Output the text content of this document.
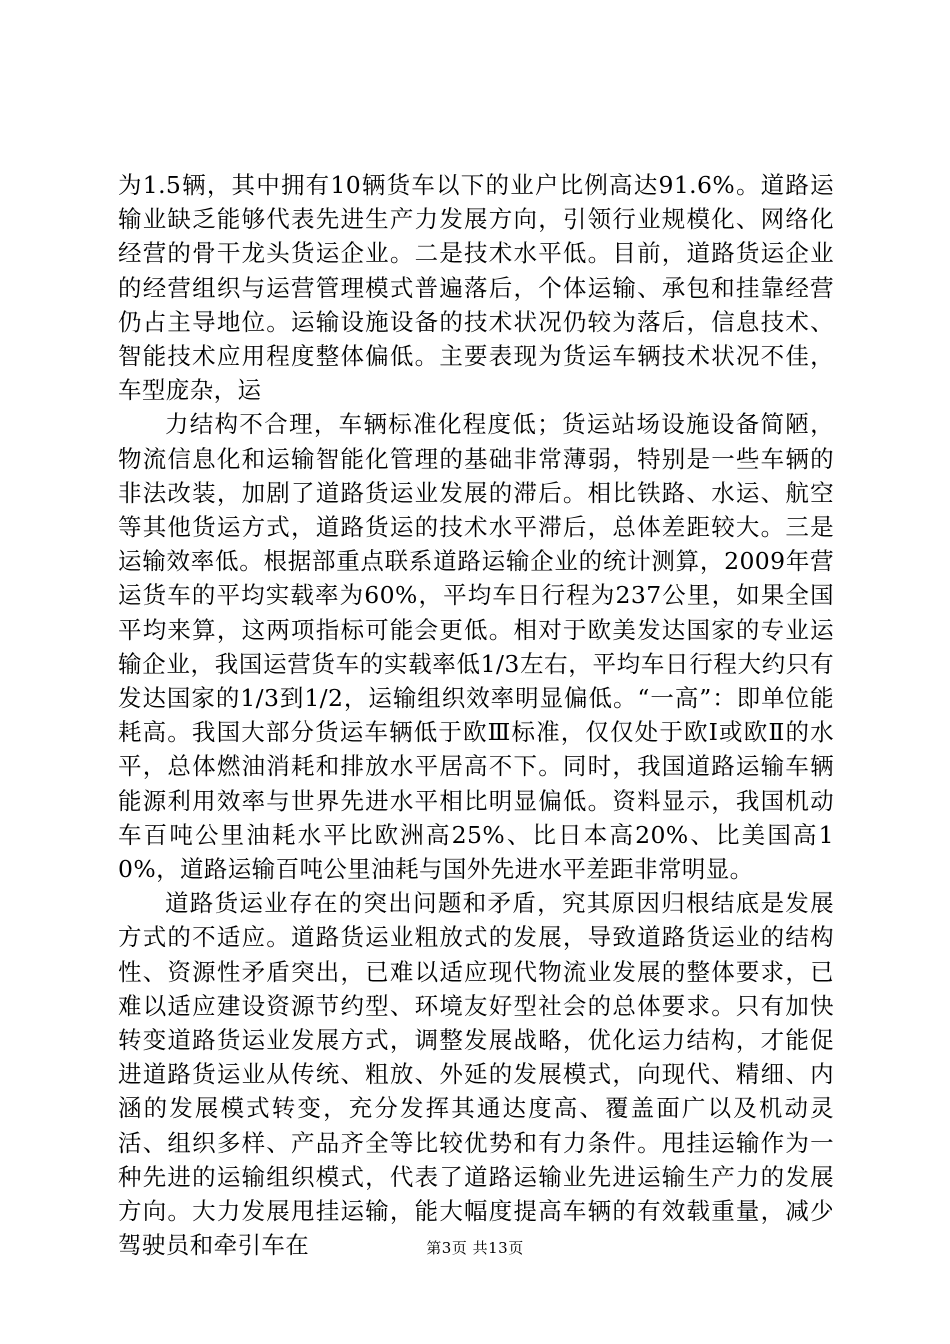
为1.5辆，其中拥有10辆货车以下的业户比例高达91.6%。道路运输业缺乏能够代表先进生产力发展方向，引领行业规模化、网络化经营的骨干龙头货运企业。二是技术水平低。目前，道路货运企业的经营组织与运营管理模式普遍落后，个体运输、承包和挂靠经营仍占主导地位。运输设施设备的技术状况仍较为落后，信息技术、智能技术应用程度整体偏低。主要表现为货运车辆技术状况不佳，车型庞杂，运

力结构不合理，车辆标准化程度低；货运站场设施设备简陋，物流信息化和运输智能化管理的基础非常薄弱，特别是一些车辆的非法改装，加剧了道路货运业发展的滞后。相比铁路、水运、航空等其他货运方式，道路货运的技术水平滞后，总体差距较大。三是运输效率低。根据部重点联系道路运输企业的统计测算，2009年营运货车的平均实载率为60%，平均车日行程为237公里，如果全国平均来算，这两项指标可能会更低。相对于欧美发达国家的专业运输企业，我国运营货车的实载率低1/3左右，平均车日行程大约只有发达国家的1/3到1/2，运输组织效率明显偏低。“一高”：即单位能耗高。我国大部分货运车辆低于欧Ⅲ标准，仅仅处于欧Ⅰ或欧Ⅱ的水平，总体燃油消耗和排放水平居高不下。同时，我国道路运输车辆能源利用效率与世界先进水平相比明显偏低。资料显示，我国机动车百吨公里油耗水平比欧洲高25%、比日本高20%、比美国高10%，道路运输百吨公里油耗与国外先进水平差距非常明显。

道路货运业存在的突出问题和矛盾，究其原因归根结底是发展方式的不适应。道路货运业粗放式的发展，导致道路货运业的结构性、资源性矛盾突出，已难以适应现代物流业发展的整体要求，已难以适应建设资源节约型、环境友好型社会的总体要求。只有加快转变道路货运业发展方式，调整发展战略，优化运力结构，才能促进道路货运业从传统、粗放、外延的发展模式，向现代、精细、内涵的发展模式转变，充分发挥其通达度高、覆盖面广以及机动灵活、组织多样、产品齐全等比较优势和有力条件。甩挂运输作为一种先进的运输组织模式，代表了道路运输业先进运输生产力的发展方向。大力发展甩挂运输，能大幅度提高车辆的有效载重量，减少驾驶员和牵引车在	第3页 共13页
